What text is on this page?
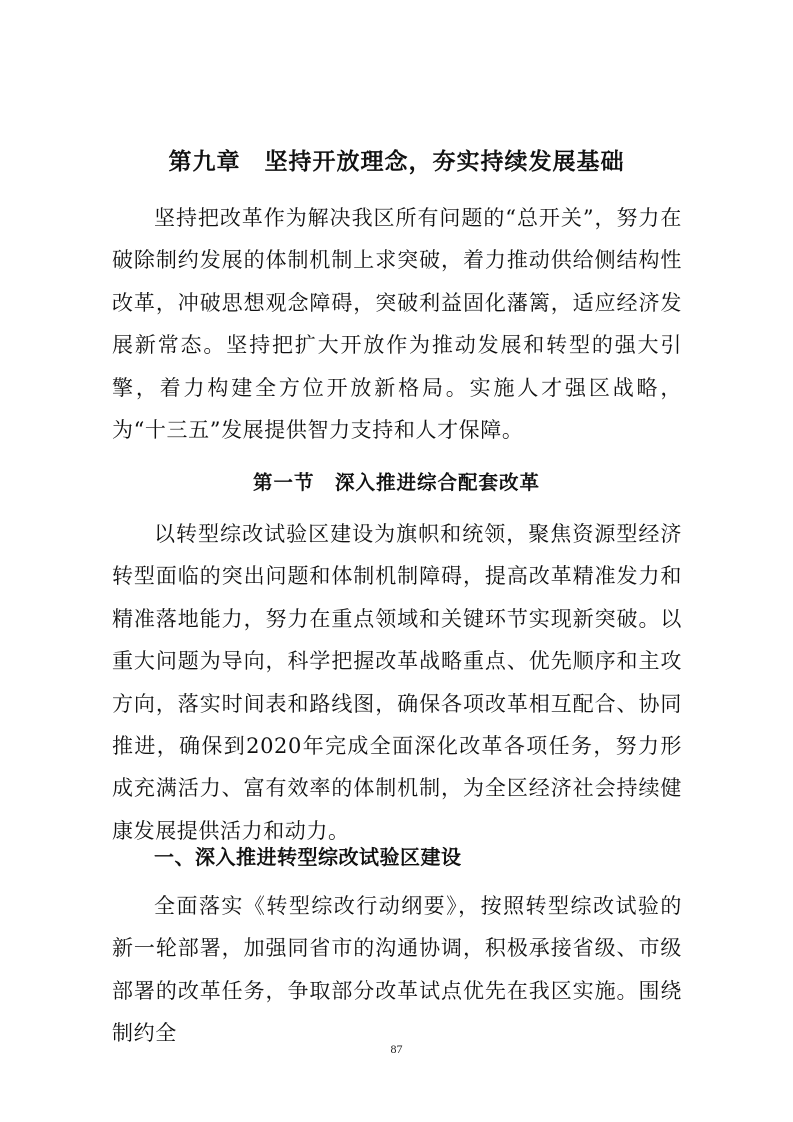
第九章　坚持开放理念，夯实持续发展基础
坚持把改革作为解决我区所有问题的“总开关”，努力在破除制约发展的体制机制上求突破，着力推动供给侧结构性改革，冲破思想观念障碍，突破利益固化藩篱，适应经济发展新常态。坚持把扩大开放作为推动发展和转型的强大引擎，着力构建全方位开放新格局。实施人才强区战略，为“十三五”发展提供智力支持和人才保障。
第一节　深入推进综合配套改革
以转型综改试验区建设为旗帜和统领，聚焦资源型经济转型面临的突出问题和体制机制障碍，提高改革精准发力和精准落地能力，努力在重点领域和关键环节实现新突破。以重大问题为导向，科学把握改革战略重点、优先顺序和主攻方向，落实时间表和路线图，确保各项改革相互配合、协同推进，确保到2020年完成全面深化改革各项任务，努力形成充满活力、富有效率的体制机制，为全区经济社会持续健康发展提供活力和动力。
一、深入推进转型综改试验区建设
全面落实《转型综改行动纲要》，按照转型综改试验的新一轮部署，加强同省市的沟通协调，积极承接省级、市级部署的改革任务，争取部分改革试点优先在我区实施。围绕制约全
87
